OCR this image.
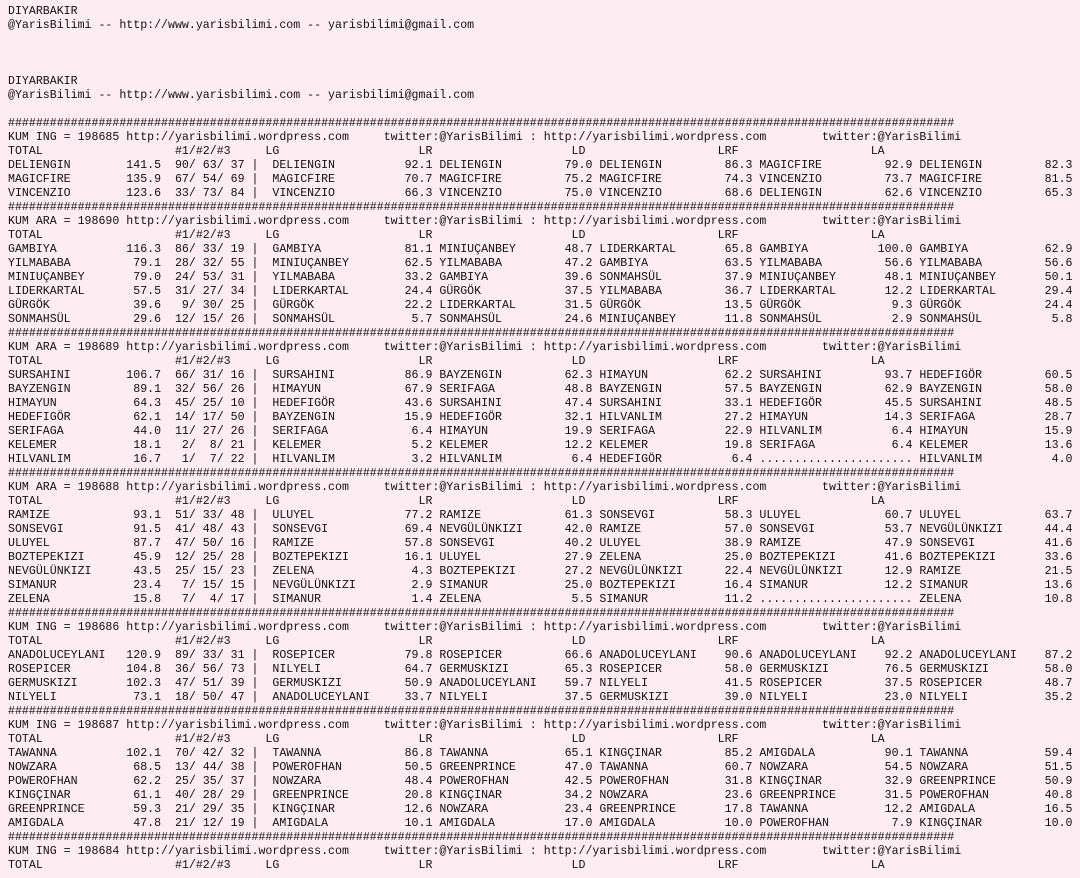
DIYARBAKIR
@YarisBilimi -- http://www.yarisbilimi.com -- yarisbilimi@gmail.com
DIYARBAKIR
@YarisBilimi -- http://www.yarisbilimi.com -- yarisbilimi@gmail.com
########################################################################################################################################
KUM ING = 198685 http://yarisbilimi.wordpress.com     twitter:@YarisBilimi : http://yarisbilimi.wordpress.com        twitter:@YarisBilimi
TOTAL                   #1/#2/#3     LG                    LR                    LD                   LRF                   LA
DELIENGIN        141.5  90/ 63/ 37 |  DELIENGIN          92.1 DELIENGIN         79.0 DELIENGIN         86.3 MAGICFIRE         92.9 DELIENGIN         82.3
MAGICFIRE        135.9  67/ 54/ 69 |  MAGICFIRE          70.7 MAGICFIRE         75.2 MAGICFIRE         74.3 VINCENZIO         73.7 MAGICFIRE         81.5
VINCENZIO        123.6  33/ 73/ 84 |  VINCENZIO          66.3 VINCENZIO         75.0 VINCENZIO         68.6 DELIENGIN         62.6 VINCENZIO         65.3
########################################################################################################################################
KUM ARA = 198690 http://yarisbilimi.wordpress.com     twitter:@YarisBilimi : http://yarisbilimi.wordpress.com        twitter:@YarisBilimi
TOTAL                   #1/#2/#3     LG                    LR                    LD                   LRF                   LA
GAMBIYA          116.3  86/ 33/ 19 |  GAMBIYA            81.1 MINIUÇANBEY       48.7 LIDERKARTAL       65.8 GAMBIYA          100.0 GAMBIYA           62.9
YILMABABA         79.1  28/ 32/ 55 |  MINIUÇANBEY        62.5 YILMABABA         47.2 GAMBIYA           63.5 YILMABABA         56.6 YILMABABA         56.6
MINIUÇANBEY       79.0  24/ 53/ 31 |  YILMABABA          33.2 GAMBIYA           39.6 SONMAHSÜL         37.9 MINIUÇANBEY       48.1 MINIUÇANBEY       50.1
LIDERKARTAL       57.5  31/ 27/ 34 |  LIDERKARTAL        24.4 GÜRGÖK            37.5 YILMABABA         36.7 LIDERKARTAL       12.2 LIDERKARTAL       29.4
GÜRGÖK            39.6   9/ 30/ 25 |  GÜRGÖK             22.2 LIDERKARTAL       31.5 GÜRGÖK            13.5 GÜRGÖK             9.3 GÜRGÖK            24.4
SONMAHSÜL         29.6  12/ 15/ 26 |  SONMAHSÜL           5.7 SONMAHSÜL         24.6 MINIUÇANBEY       11.8 SONMAHSÜL          2.9 SONMAHSÜL          5.8
########################################################################################################################################
KUM ARA = 198689 http://yarisbilimi.wordpress.com     twitter:@YarisBilimi : http://yarisbilimi.wordpress.com        twitter:@YarisBilimi
TOTAL                   #1/#2/#3     LG                    LR                    LD                   LRF                   LA
SURSAHINI        106.7  66/ 31/ 16 |  SURSAHINI          86.9 BAYZENGIN         62.3 HIMAYUN           62.2 SURSAHINI         93.7 HEDEFIGÖR         60.5
BAYZENGIN         89.1  32/ 56/ 26 |  HIMAYUN            67.9 SERIFAGA          48.8 BAYZENGIN         57.5 BAYZENGIN         62.9 BAYZENGIN         58.0
HIMAYUN           64.3  45/ 25/ 10 |  HEDEFIGÖR          43.6 SURSAHINI         47.4 SURSAHINI         33.1 HEDEFIGÖR         45.5 SURSAHINI         48.5
HEDEFIGÖR         62.1  14/ 17/ 50 |  BAYZENGIN          15.9 HEDEFIGÖR         32.1 HILVANLIM         27.2 HIMAYUN           14.3 SERIFAGA          28.7
SERIFAGA          44.0  11/ 27/ 26 |  SERIFAGA            6.4 HIMAYUN           19.9 SERIFAGA          22.9 HILVANLIM          6.4 HIMAYUN           15.9
KELEMER           18.1   2/  8/ 21 |  KELEMER             5.2 KELEMER           12.2 KELEMER           19.8 SERIFAGA           6.4 KELEMER           13.6
HILVANLIM         16.7   1/  7/ 22 |  HILVANLIM           3.2 HILVANLIM          6.4 HEDEFIGÖR          6.4 ...................... HILVANLIM          4.0
########################################################################################################################################
KUM ARA = 198688 http://yarisbilimi.wordpress.com     twitter:@YarisBilimi : http://yarisbilimi.wordpress.com        twitter:@YarisBilimi
TOTAL                   #1/#2/#3     LG                    LR                    LD                   LRF                   LA
RAMIZE            93.1  51/ 33/ 48 |  ULUYEL             77.2 RAMIZE            61.3 SONSEVGI          58.3 ULUYEL            60.7 ULUYEL            63.7
SONSEVGI          91.5  41/ 48/ 43 |  SONSEVGI           69.4 NEVGÜLÜNKIZI      42.0 RAMIZE            57.0 SONSEVGI          53.7 NEVGÜLÜNKIZI      44.4
ULUYEL            87.7  47/ 50/ 16 |  RAMIZE             57.8 SONSEVGI          40.2 ULUYEL            38.9 RAMIZE            47.9 SONSEVGI          41.6
BOZTEPEKIZI       45.9  12/ 25/ 28 |  BOZTEPEKIZI        16.1 ULUYEL            27.9 ZELENA            25.0 BOZTEPEKIZI       41.6 BOZTEPEKIZI       33.6
NEVGÜLÜNKIZI      43.5  25/ 15/ 23 |  ZELENA              4.3 BOZTEPEKIZI       27.2 NEVGÜLÜNKIZI      22.4 NEVGÜLÜNKIZI      12.9 RAMIZE            21.5
SIMANUR           23.4   7/ 15/ 15 |  NEVGÜLÜNKIZI        2.9 SIMANUR           25.0 BOZTEPEKIZI       16.4 SIMANUR           12.2 SIMANUR           13.6
ZELENA            15.8   7/  4/ 17 |  SIMANUR             1.4 ZELENA             5.5 SIMANUR           11.2 ...................... ZELENA            10.8
########################################################################################################################################
KUM ING = 198686 http://yarisbilimi.wordpress.com     twitter:@YarisBilimi : http://yarisbilimi.wordpress.com        twitter:@YarisBilimi
TOTAL                   #1/#2/#3     LG                    LR                    LD                   LRF                   LA
ANADOLUCEYLANI   120.9  89/ 33/ 31 |  ROSEPICER          79.8 ROSEPICER         66.6 ANADOLUCEYLANI    90.6 ANADOLUCEYLANI    92.2 ANADOLUCEYLANI    87.2
ROSEPICER        104.8  36/ 56/ 73 |  NILYELI            64.7 GERMUSKIZI        65.3 ROSEPICER         58.0 GERMUSKIZI        76.5 GERMUSKIZI        58.0
GERMUSKIZI       102.3  47/ 51/ 39 |  GERMUSKIZI         50.9 ANADOLUCEYLANI    59.7 NILYELI           41.5 ROSEPICER         37.5 ROSEPICER         48.7
NILYELI           73.1  18/ 50/ 47 |  ANADOLUCEYLANI     33.7 NILYELI           37.5 GERMUSKIZI        39.0 NILYELI           23.0 NILYELI           35.2
########################################################################################################################################
KUM ING = 198687 http://yarisbilimi.wordpress.com     twitter:@YarisBilimi : http://yarisbilimi.wordpress.com        twitter:@YarisBilimi
TOTAL                   #1/#2/#3     LG                    LR                    LD                   LRF                   LA
TAWANNA          102.1  70/ 42/ 32 |  TAWANNA            86.8 TAWANNA           65.1 KINGÇINAR         85.2 AMIGDALA          90.1 TAWANNA           59.4
NOWZARA           68.5  13/ 44/ 38 |  POWEROFHAN         50.5 GREENPRINCE       47.0 TAWANNA           60.7 NOWZARA           54.5 NOWZARA           51.5
POWEROFHAN        62.2  25/ 35/ 37 |  NOWZARA            48.4 POWEROFHAN        42.5 POWEROFHAN        31.8 KINGÇINAR         32.9 GREENPRINCE       50.9
KINGÇINAR         61.1  40/ 28/ 29 |  GREENPRINCE        20.8 KINGÇINAR         34.2 NOWZARA           23.6 GREENPRINCE       31.5 POWEROFHAN        40.8
GREENPRINCE       59.3  21/ 29/ 35 |  KINGÇINAR          12.6 NOWZARA           23.4 GREENPRINCE       17.8 TAWANNA           12.2 AMIGDALA          16.5
AMIGDALA          47.8  21/ 12/ 19 |  AMIGDALA           10.1 AMIGDALA          17.0 AMIGDALA          10.0 POWEROFHAN         7.9 KINGÇINAR         10.0
########################################################################################################################################
KUM ING = 198684 http://yarisbilimi.wordpress.com     twitter:@YarisBilimi : http://yarisbilimi.wordpress.com        twitter:@YarisBilimi
TOTAL                   #1/#2/#3     LG                    LR                    LD                   LRF                   LA
